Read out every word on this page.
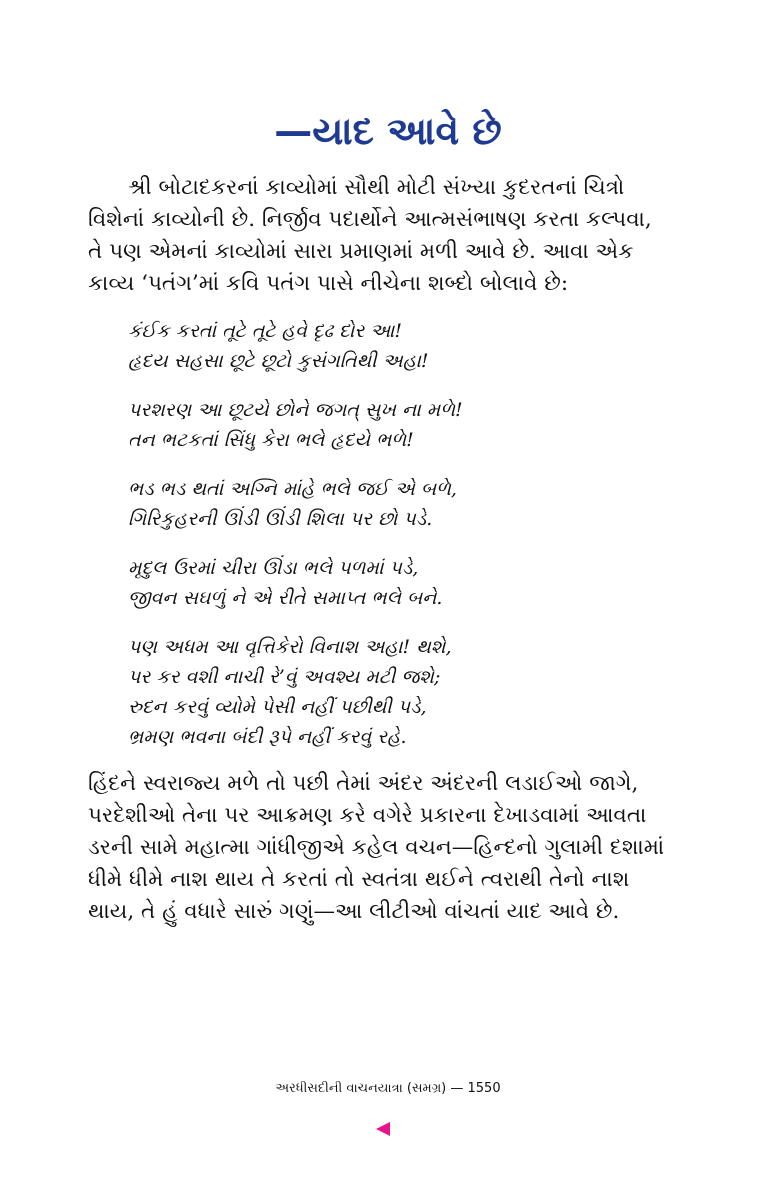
—યાદ આવે છે
શ્રી બોટાદકરનાં કાવ્યોમાં સૌથી મોટી સંખ્યા કુદરતનાં ચિત્રો
વિશેનાં કાવ્યોની છે. નિર્જીવ પદાર્થોને આત્મસંભાષણ કરતા કલ્પવા,
તે પણ એમનાં કાવ્યોમાં સારા પ્રમાણમાં મળી આવે છે. આવા એક
કાવ્ય ‘પતંગ’માં કવિ પતંગ પાસે નીચેના શબ્દો બોલાવે છે:
કંઈક કરતાં તૂટે તૂટે હવે દૃઢ દોર આ!
હૃદય સહસા છૂટે છૂટો કુસંગતિથી અહા!
પરશરણ આ છૂટયે છોને જગત્ સુખ ના મળે!
તન ભટકતાં સિંધુ કેરા ભલે હૃદયે ભળે!
ભડ ભડ થતાં અગ્નિ માંહે ભલે જઈ એ બળે,
ગિરિકુહરની ઊંડી ઊંડી શિલા પર છો પડે.
મૃદુલ ઉરમાં ચીરા ઊંડા ભલે પળમાં પડે,
જીવન સઘળું ને એ રીતે સમાપ્ત ભલે બને.
પણ અધમ આ વૃત્તિકેરો વિનાશ અહા! થશે,
પર કર વશી નાચી રે’વું અવશ્ય મટી જશે;
રુદન કરવું વ્યોમે પેસી નહીં પછીથી પડે,
ભ્રમણ ભવના બંદી રૂપે નહીં કરવું રહે.
હિંદને સ્વરાજ્ય મળે તો પછી તેમાં અંદર અંદરની લડાઈઓ જાગે,
પરદેશીઓ તેના પર આક્રમણ કરે વગેરે પ્રકારના દેખાડવામાં આવતા
ડરની સામે મહાત્મા ગાંધીજીએ કહેલ વચન—હિન્દનો ગુલામી દશામાં
ધીમે ધીમે નાશ થાય તે કરતાં તો સ્વતંત્રા થઈને ત્વરાથી તેનો નાશ
થાય, તે હું વધારે સારું ગણું—આ લીટીઓ વાંચતાં યાદ આવે છે.
અરધીસદીની વાચનયાત્રા (સમગ્ર) — 1550
